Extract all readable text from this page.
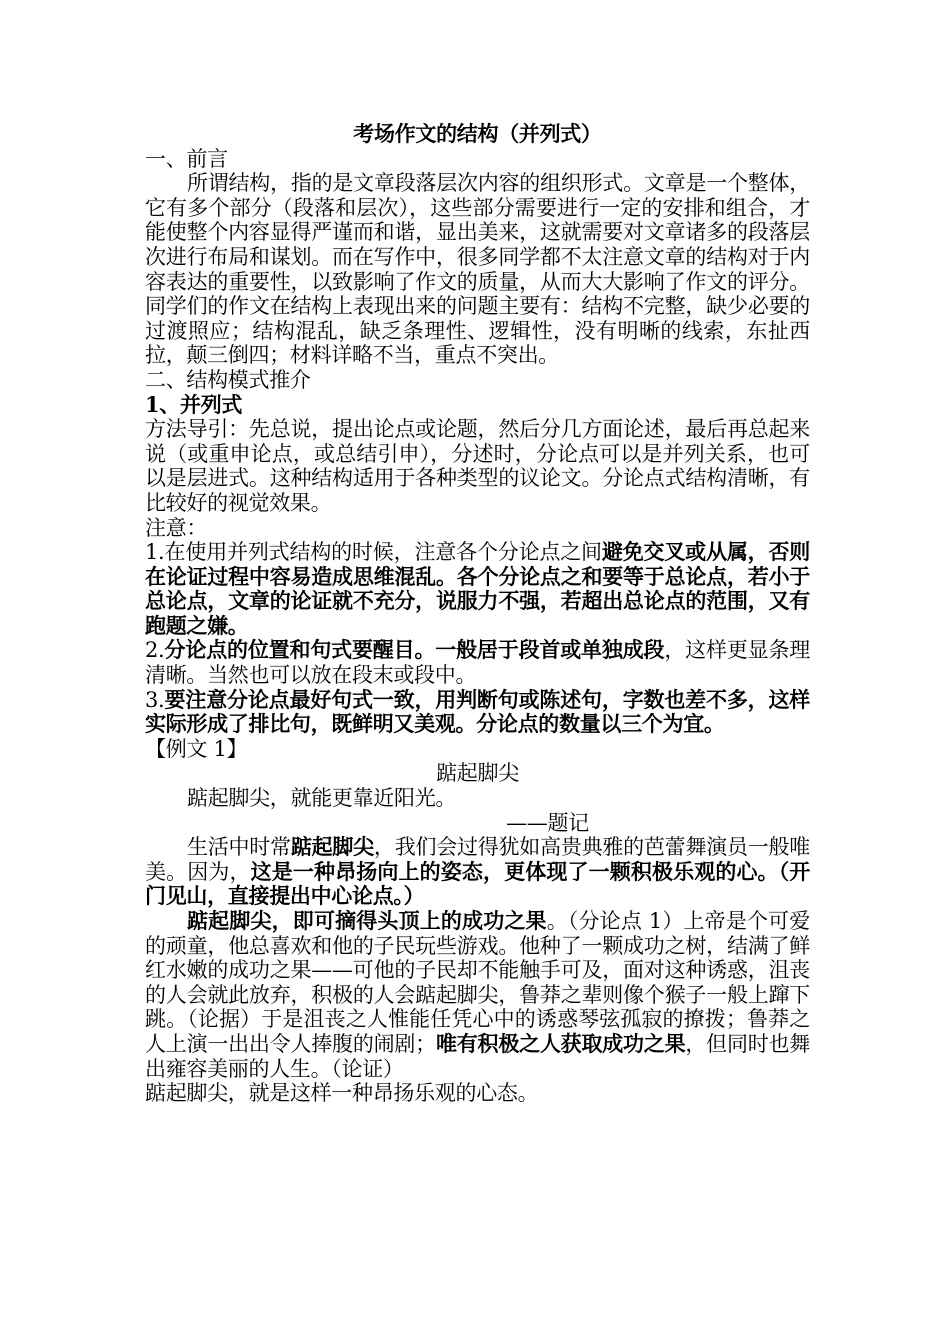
考场作文的结构（并列式）

一、前言

所谓结构，指的是文章段落层次内容的组织形式。文章是一个整体，它有多个部分（段落和层次），这些部分需要进行一定的安排和组合，才能使整个内容显得严谨而和谐，显出美来，这就需要对文章诸多的段落层次进行布局和谋划。而在写作中，很多同学都不太注意文章的结构对于内容表达的重要性，以致影响了作文的质量，从而大大影响了作文的评分。同学们的作文在结构上表现出来的问题主要有：结构不完整，缺少必要的过渡照应；结构混乱，缺乏条理性、逻辑性，没有明晰的线索，东扯西拉，颠三倒四；材料详略不当，重点不突出。

二、结构模式推介

1、并列式

方法导引：先总说，提出论点或论题，然后分几方面论述，最后再总起来说（或重申论点，或总结引申），分述时，分论点可以是并列关系，也可以是层进式。这种结构适用于各种类型的议论文。分论点式结构清晰，有比较好的视觉效果。

注意：

1.在使用并列式结构的时候，注意各个分论点之间避免交叉或从属，否则在论证过程中容易造成思维混乱。各个分论点之和要等于总论点，若小于总论点，文章的论证就不充分，说服力不强，若超出总论点的范围，又有跑题之嫌。

2.分论点的位置和句式要醒目。一般居于段首或单独成段，这样更显条理清晰。当然也可以放在段末或段中。

3.要注意分论点最好句式一致，用判断句或陈述句，字数也差不多，这样实际形成了排比句，既鲜明又美观。分论点的数量以三个为宜。

【例文 1】

踮起脚尖

踮起脚尖，就能更靠近阳光。

——题记

生活中时常踮起脚尖，我们会过得犹如高贵典雅的芭蕾舞演员一般唯美。因为，这是一种昂扬向上的姿态，更体现了一颗积极乐观的心。（开门见山，直接提出中心论点。）

踮起脚尖，即可摘得头顶上的成功之果。（分论点 1）上帝是个可爱的顽童，他总喜欢和他的子民玩些游戏。他种了一颗成功之树，结满了鲜红水嫩的成功之果——可他的子民却不能触手可及，面对这种诱惑，沮丧的人会就此放弃，积极的人会踮起脚尖，鲁莽之辈则像个猴子一般上蹿下跳。（论据）于是沮丧之人惟能任凭心中的诱惑琴弦孤寂的撩拨；鲁莽之人上演一出出令人捧腹的闹剧；唯有积极之人获取成功之果，但同时也舞出雍容美丽的人生。（论证）

踮起脚尖，就是这样一种昂扬乐观的心态。
